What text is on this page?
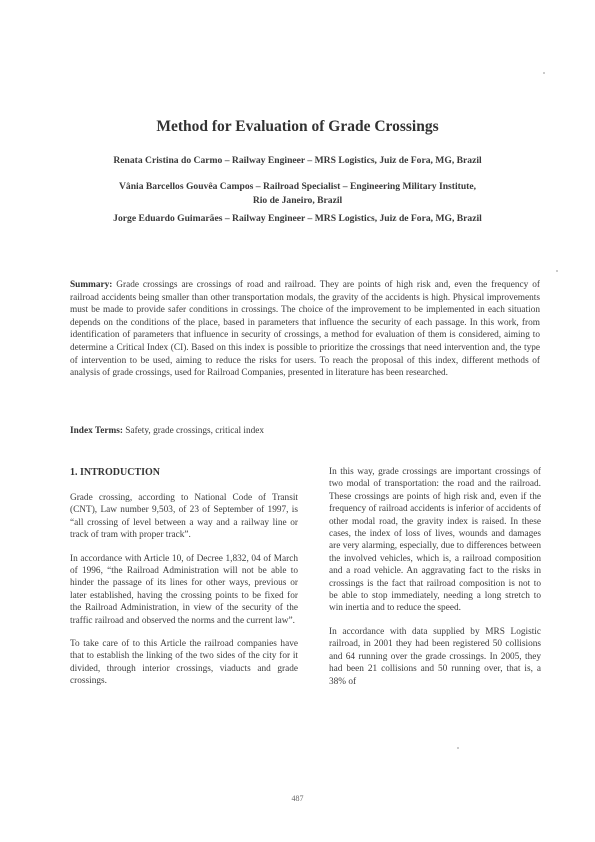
Method for Evaluation of Grade Crossings
Renata Cristina do Carmo – Railway Engineer – MRS Logistics, Juiz de Fora, MG, Brazil
Vânia Barcellos Gouvêa Campos – Railroad Specialist – Engineering Military Institute,
Rio de Janeiro, Brazil
Jorge Eduardo Guimarães – Railway Engineer – MRS Logistics, Juiz de Fora, MG, Brazil
Summary: Grade crossings are crossings of road and railroad. They are points of high risk and, even the frequency of railroad accidents being smaller than other transportation modals, the gravity of the accidents is high. Physical improvements must be made to provide safer conditions in crossings. The choice of the improvement to be implemented in each situation depends on the conditions of the place, based in parameters that influence the security of each passage. In this work, from identification of parameters that influence in security of crossings, a method for evaluation of them is considered, aiming to determine a Critical Index (CI). Based on this index is possible to prioritize the crossings that need intervention and, the type of intervention to be used, aiming to reduce the risks for users. To reach the proposal of this index, different methods of analysis of grade crossings, used for Railroad Companies, presented in literature has been researched.
Index Terms: Safety, grade crossings, critical index
1. INTRODUCTION

Grade crossing, according to National Code of Transit (CNT), Law number 9,503, of 23 of September of 1997, is “all crossing of level between a way and a railway line or track of tram with proper track”.

In accordance with Article 10, of Decree 1,832, 04 of March of 1996, “the Railroad Administration will not be able to hinder the passage of its lines for other ways, previous or later established, having the crossing points to be fixed for the Railroad Administration, in view of the security of the traffic railroad and observed the norms and the current law”.

To take care of to this Article the railroad companies have that to establish the linking of the two sides of the city for it divided, through interior crossings, viaducts and grade crossings.

In this way, grade crossings are important crossings of two modal of transportation: the road and the railroad. These crossings are points of high risk and, even if the frequency of railroad accidents is inferior of accidents of other modal road, the gravity index is raised. In these cases, the index of loss of lives, wounds and damages are very alarming, especially, due to differences between the involved vehicles, which is, a railroad composition and a road vehicle. An aggravating fact to the risks in crossings is the fact that railroad composition is not to be able to stop immediately, needing a long stretch to win inertia and to reduce the speed.

In accordance with data supplied by MRS Logistic railroad, in 2001 they had been registered 50 collisions and 64 running over the grade crossings. In 2005, they had been 21 collisions and 50 running over, that is, a 38% of

487
